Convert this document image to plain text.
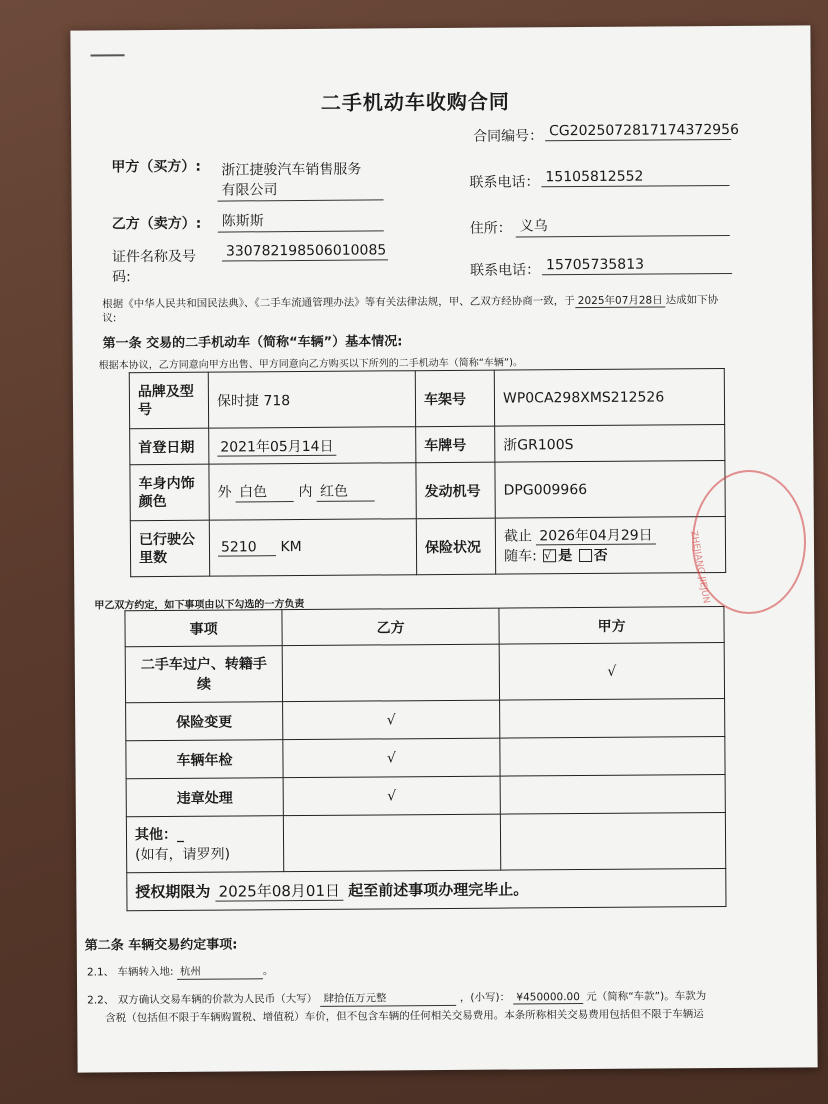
二手机动车收购合同
合同编号： CG2025072817174372956
甲方（买方）: 浙江捷骏汽车销售服务
有限公司	联系电话： 15105812552
乙方（卖方）: 陈斯斯	住所： 义乌
证件名称及号
码:
330782198506010085
联系电话： 15705735813
根据《中华人民共和国民法典》、《二手车流通管理办法》等有关法律法规，甲、乙双方经协商一致，于 2025年07月28日 达成如下协
议:
第一条 交易的二手机动车（简称“车辆”）基本情况:
根据本协议，乙方同意向甲方出售、甲方同意向乙方购买以下所列的二手机动车（简称“车辆”)。
品牌及型
号	保时捷 718	车架号	WP0CA298XMS212526
首登日期	2021年05月14日	车牌号	浙GR100S
车身内饰
颜色	外 白色 内 红色	发动机号	DPG009966
已行驶公
里数	5210 KM	保险状况	截止 2026年04月29日
随车: √ 是 否
甲乙双方约定，如下事项由以下勾选的一方负责
事项	乙方	甲方
二手车过户、转籍手
续		√
保险变更	√	
车辆年检	√	
违章处理	√	
其他：_
(如有，请罗列)		
授权期限为 2025年08月01日 起至前述事项办理完毕止。		
第二条 车辆交易约定事项:
2.1、 车辆转入地: 杭州	。
2.2、 双方确认交易车辆的价款为人民币（大写） 肆拾伍万元整	，(小写)： ¥450000.00 元（简称“车款”)。车款为
含税（包括但不限于车辆购置税、增值税）车价，但不包含车辆的任何相关交易费用。本条所称相关交易费用包括但不限于车辆运
ZHEJIANG JIEJUN
